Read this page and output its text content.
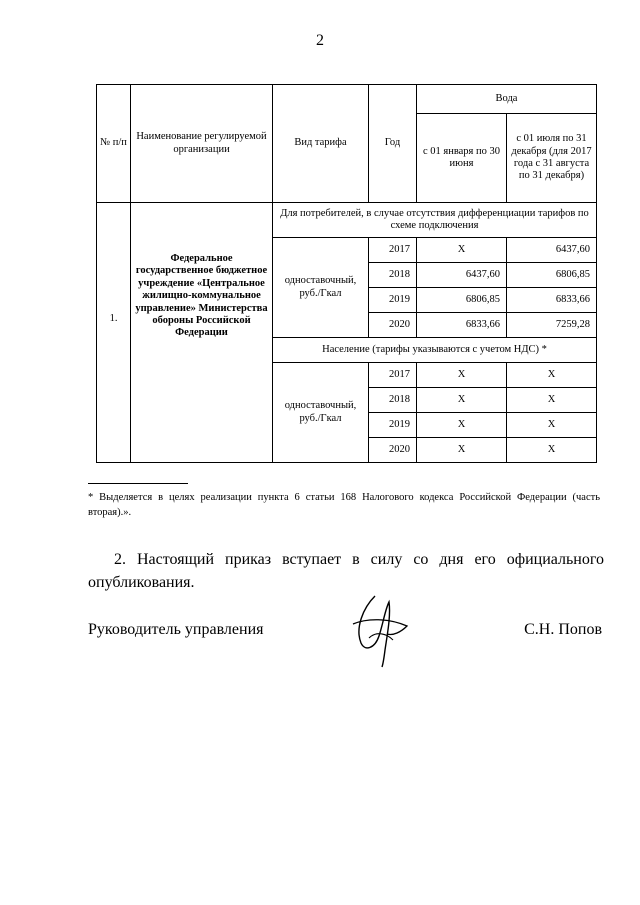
2
№ п/п	Наименование регулируемой организации	Вид тарифа	Год	Вода	
				с 01 января по 30 июня	с 01 июля по 31 декабря (для 2017 года с 31 августа по 31 декабря)
1.	Федеральное государственное бюджетное учреждение «Центральное жилищно-коммунальное управление» Министерства обороны Российской Федерации	Для потребителей, в случае отсутствия дифференциации тарифов по схеме подключения			
		одноставочный, руб./Гкал	2017	X	6437,60
			2018	6437,60	6806,85
			2019	6806,85	6833,66
			2020	6833,66	7259,28
		Население (тарифы указываются с учетом НДС) *			
		одноставочный, руб./Гкал	2017	X	X
			2018	X	X
			2019	X	X
			2020	X	X
* Выделяется в целях реализации пункта 6 статьи 168 Налогового кодекса Российской Федерации (часть вторая).».
2. Настоящий приказ вступает в силу со дня его официального опубликования.
Руководитель управления	С.Н. Попов
